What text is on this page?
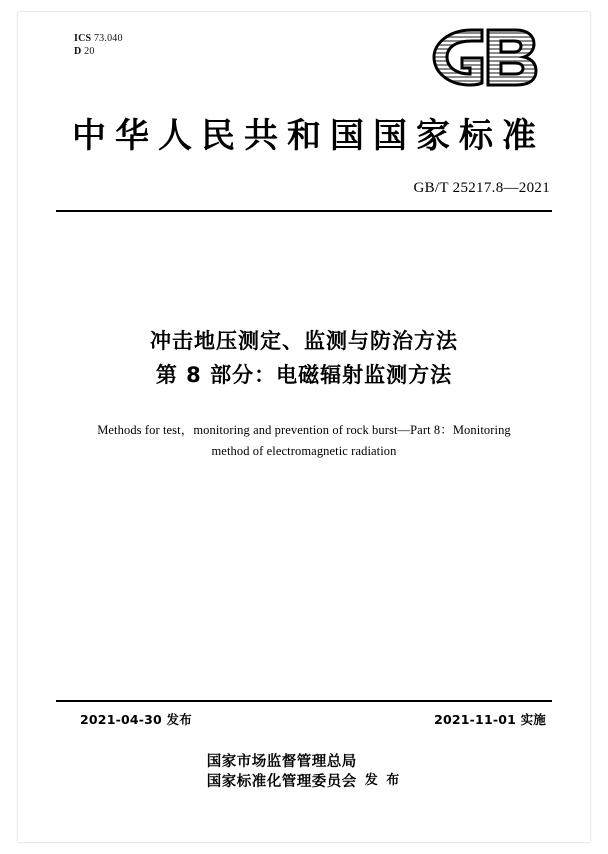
ICS 73.040
D 20
中华人民共和国国家标准
GB/T 25217.8—2021
冲击地压测定、监测与防治方法
第 8 部分：电磁辐射监测方法
Methods for test，monitoring and prevention of rock burst—Part 8：Monitoring method of electromagnetic radiation
2021-04-30 发布	2021-11-01 实施
国家市场监督管理总局
国家标准化管理委员会 发 布
